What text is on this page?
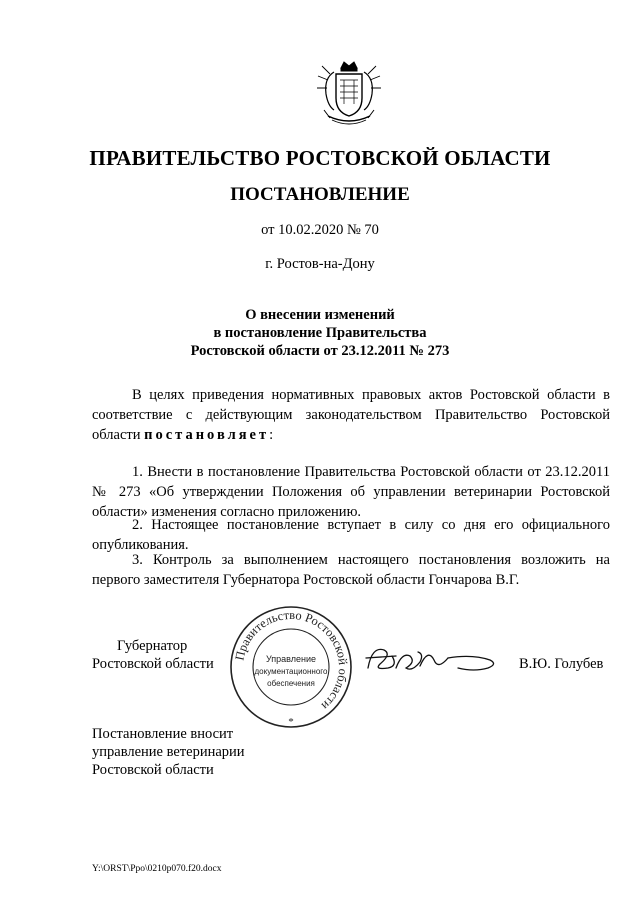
ПРАВИТЕЛЬСТВО РОСТОВСКОЙ ОБЛАСТИ
ПОСТАНОВЛЕНИЕ
от 10.02.2020 № 70
г. Ростов-на-Дону
О внесении изменений
в постановление Правительства
Ростовской области от 23.12.2011 № 273
В целях приведения нормативных правовых актов Ростовской области в соответствие с действующим законодательством Правительство Ростовской области постановляет:
1. Внести в постановление Правительства Ростовской области от 23.12.2011 № 273 «Об утверждении Положения об управлении ветеринарии Ростовской области» изменения согласно приложению.
2. Настоящее постановление вступает в силу со дня его официального опубликования.
3. Контроль за выполнением настоящего постановления возложить на первого заместителя Губернатора Ростовской области Гончарова В.Г.
Губернатор
Ростовской области	В.Ю. Голубев
Правительство Ростовской области
Управление
документационного
обеспечения
*
Постановление вносит
управление ветеринарии
Ростовской области
Y:\ORST\Ppo\0210p070.f20.docx
